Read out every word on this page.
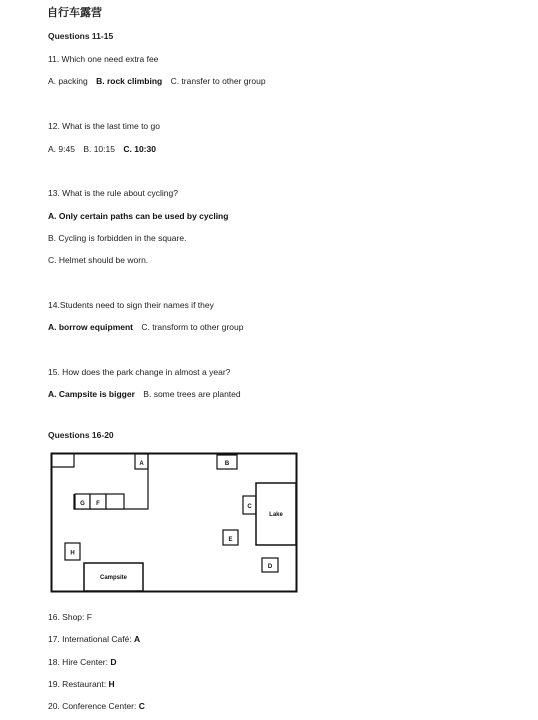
自行车露营
Questions 11-15
11. Which one need extra fee
A. packing B. rock climbing C. transfer to other group
12. What is the last time to go
A. 9:45 B. 10:15 C. 10:30
13. What is the rule about cycling?
A. Only certain paths can be used by cycling
B. Cycling is forbidden in the square.
C. Helmet should be worn.
14.Students need to sign their names if they
A. borrow equipment C. transform to other group
15. How does the park change in almost a year?
A. Campsite is bigger B. some trees are planted
Questions 16-20
A
G F
B
C
Lake
E
D
H
Campsite
16. Shop: F
17. International Café: A
18. Hire Center: D
19. Restaurant: H
20. Conference Center: C
